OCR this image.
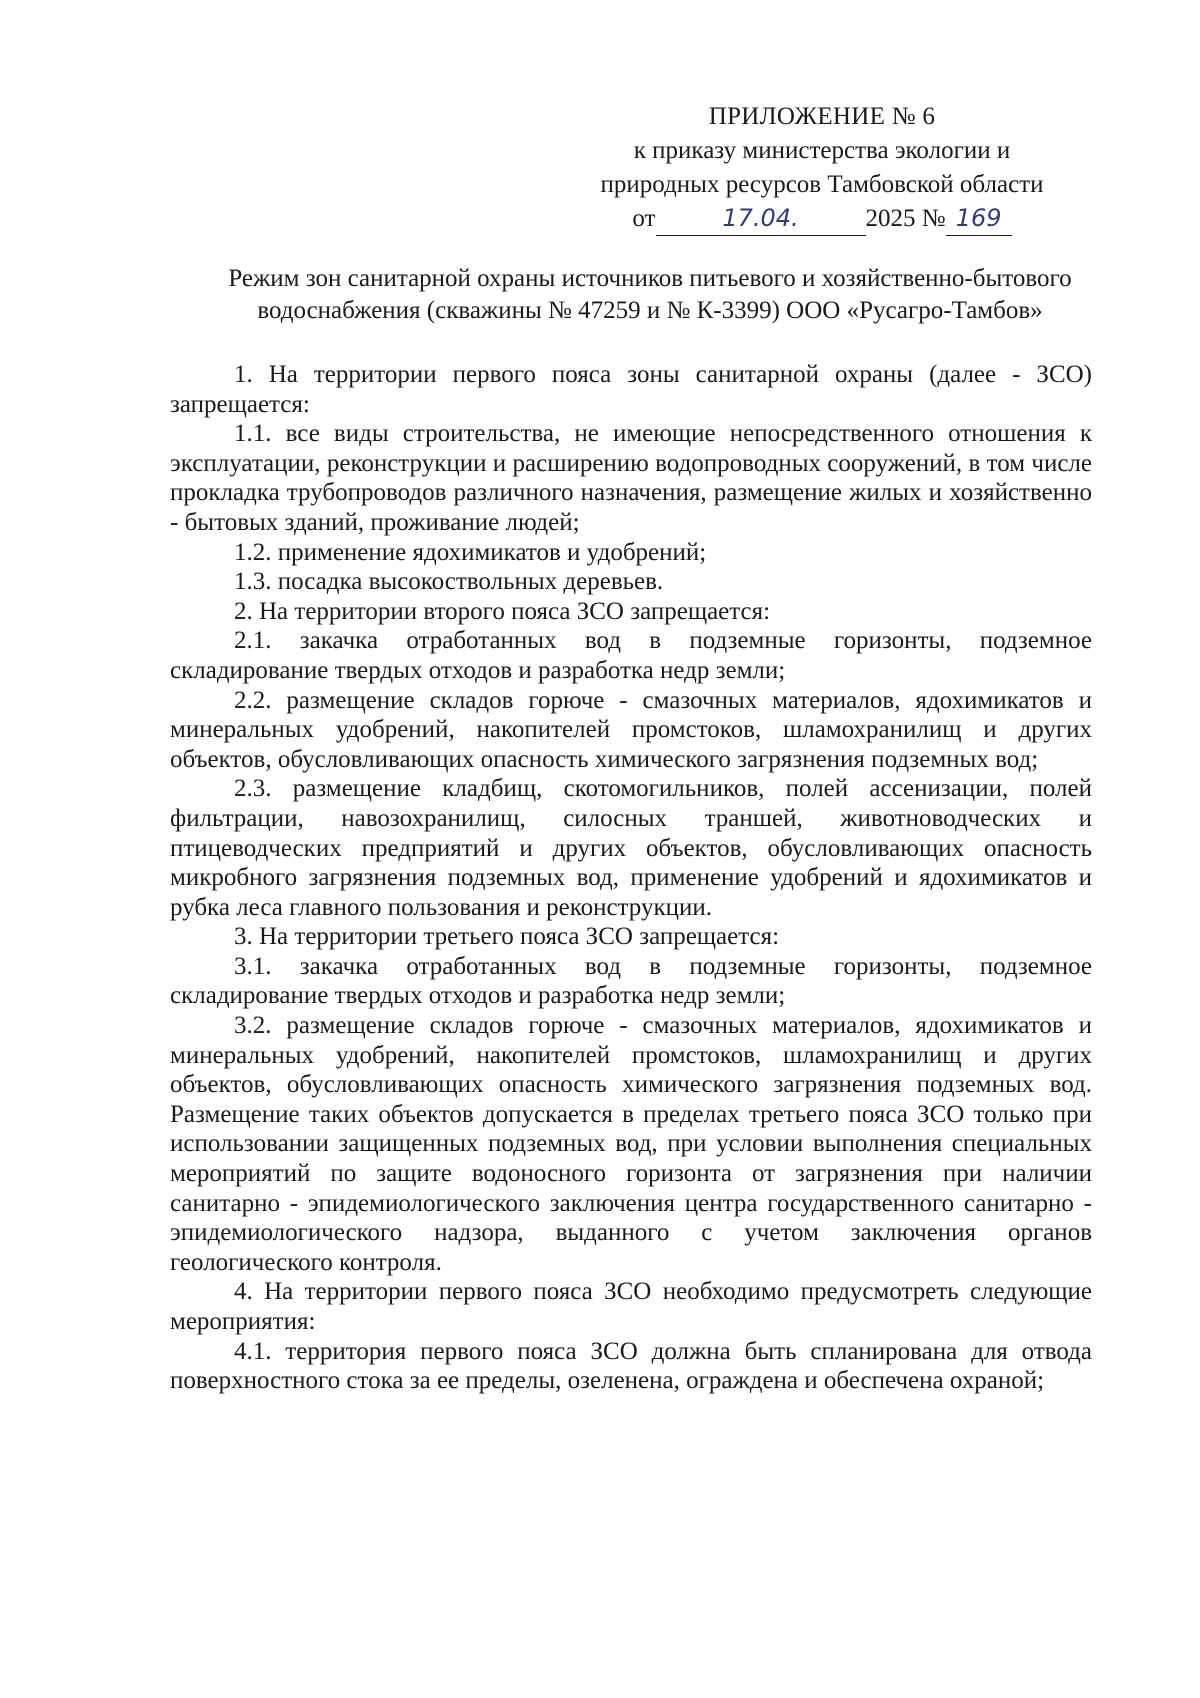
ПРИЛОЖЕНИЕ № 6
к приказу министерства экологии и
природных ресурсов Тамбовской области
от	17.04.	2025 № 169
Режим зон санитарной охраны источников питьевого и хозяйственно-бытового водоснабжения (скважины № 47259 и № К-3399) ООО «Русагро-Тамбов»

1. На территории первого пояса зоны санитарной охраны (далее - ЗСО) запрещается:

1.1. все виды строительства, не имеющие непосредственного отношения к эксплуатации, реконструкции и расширению водопроводных сооружений, в том числе прокладка трубопроводов различного назначения, размещение жилых и хозяйственно - бытовых зданий, проживание людей;

1.2. применение ядохимикатов и удобрений;

1.3. посадка высокоствольных деревьев.

2. На территории второго пояса ЗСО запрещается:

2.1. закачка отработанных вод в подземные горизонты, подземное складирование твердых отходов и разработка недр земли;

2.2. размещение складов горюче - смазочных материалов, ядохимикатов и минеральных удобрений, накопителей промстоков, шламохранилищ и других объектов, обусловливающих опасность химического загрязнения подземных вод;

2.3. размещение кладбищ, скотомогильников, полей ассенизации, полей фильтрации, навозохранилищ, силосных траншей, животноводческих и птицеводческих предприятий и других объектов, обусловливающих опасность микробного загрязнения подземных вод, применение удобрений и ядохимикатов и рубка леса главного пользования и реконструкции.

3. На территории третьего пояса ЗСО запрещается:

3.1. закачка отработанных вод в подземные горизонты, подземное складирование твердых отходов и разработка недр земли;

3.2. размещение складов горюче - смазочных материалов, ядохимикатов и минеральных удобрений, накопителей промстоков, шламохранилищ и других объектов, обусловливающих опасность химического загрязнения подземных вод. Размещение таких объектов допускается в пределах третьего пояса ЗСО только при использовании защищенных подземных вод, при условии выполнения специальных мероприятий по защите водоносного горизонта от загрязнения при наличии санитарно - эпидемиологического заключения центра государственного санитарно - эпидемиологического надзора, выданного с учетом заключения органов геологического контроля.

4. На территории первого пояса ЗСО необходимо предусмотреть следующие мероприятия:

4.1. территория первого пояса ЗСО должна быть спланирована для отвода поверхностного стока за ее пределы, озеленена, ограждена и обеспечена охраной;
